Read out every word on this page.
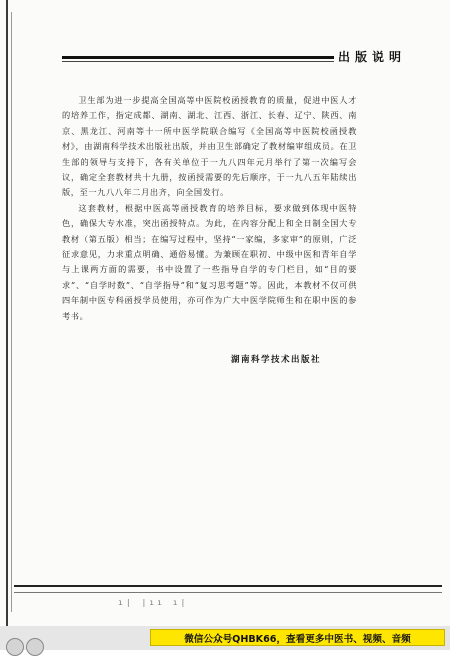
出版说明

卫生部为进一步提高全国高等中医院校函授教育的质量，促进中医人才的培养工作，指定成都、湖南、湖北、江西、浙江、长春、辽宁、陕西、南京、黑龙江、河南等十一所中医学院联合编写《全国高等中医院校函授教材》，由湖南科学技术出版社出版，并由卫生部确定了教材编审组成员。在卫生部的领导与支持下，各有关单位于一九八四年元月举行了第一次编写会议，确定全套教材共十九册，按函授需要的先后顺序，于一九八五年陆续出版，至一九八八年二月出齐，向全国发行。

这套教材，根据中医高等函授教育的培养目标，要求做到体现中医特色，确保大专水准，突出函授特点。为此，在内容分配上和全日制全国大专教材（第五版）相当；在编写过程中，坚持“一家编，多家审”的原则，广泛征求意见，力求重点明确、通俗易懂。为兼顾在职初、中级中医和青年自学与上课两方面的需要，书中设置了一些指导自学的专门栏目，如“目的要求”、“自学时数”、“自学指导”和“复习思考题”等。因此，本教材不仅可供四年制中医专科函授学员使用，亦可作为广大中医学院师生和在职中医的参考书。

湖南科学技术出版社
ı| |ıı ı|
微信公众号QHBK66，查看更多中医书、视频、音频
